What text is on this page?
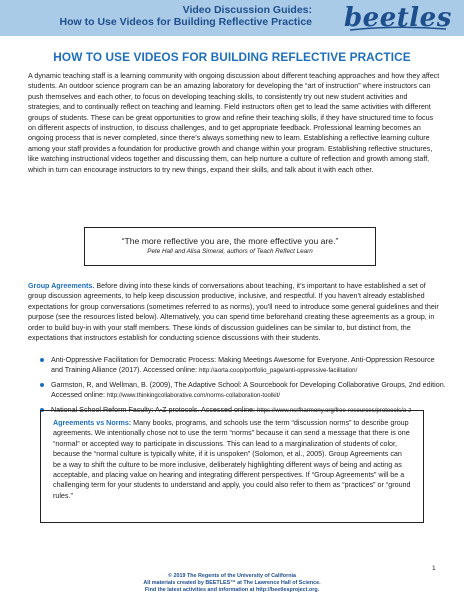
Video Discussion Guides:
How to Use Videos for Building Reflective Practice beetles
HOW TO USE VIDEOS FOR BUILDING REFLECTIVE PRACTICE

A dynamic teaching staff is a learning community with ongoing discussion about different teaching approaches and how they affect students. An outdoor science program can be an amazing laboratory for developing the “art of instruction” where instructors can push themselves and each other, to focus on developing teaching skills, to consistently try out new student activities and strategies, and to continually reflect on teaching and learning. Field instructors often get to lead the same activities with different groups of students. These can be great opportunities to grow and refine their teaching skills, if they have structured time to focus on different aspects of instruction, to discuss challenges, and to get appropriate feedback. Professional learning becomes an ongoing process that is never completed, since there’s always something new to learn. Establishing a reflective learning culture among your staff provides a foundation for productive growth and change within your program. Establishing reflective structures, like watching instructional videos together and discussing them, can help nurture a culture of reflection and growth among staff, which in turn can encourage instructors to try new things, expand their skills, and talk about it with each other.

“The more reflective you are, the more effective you are.”
Pete Hall and Alisa Simeral, authors of Teach Reflect Learn

Group Agreements. Before diving into these kinds of conversations about teaching, it’s important to have established a set of group discussion agreements, to help keep discussion productive, inclusive, and respectful. If you haven’t already established expectations for group conversations (sometimes referred to as norms), you’ll need to introduce some general guidelines and their purpose (see the resources listed below). Alternatively, you can spend time beforehand creating these agreements as a group, in order to build buy-in with your staff members. These kinds of discussion guidelines can be similar to, but distinct from, the expectations that instructors establish for conducting science discussions with their students.

Anti-Oppressive Facilitation for Democratic Process: Making Meetings Awesome for Everyone. Anti-Oppression Resource and Training Alliance (2017). Accessed online: http://aorta.coop/portfolio_page/anti-oppressive-facilitation/
Garmston, R, and Wellman, B. (2009), The Adaptive School: A Sourcebook for Developing Collaborative Groups, 2nd edition. Accessed online: http://www.thinkingcollaborative.com/norms-collaboration-toolkit/
National School Reform Faculty: A-Z protocols. Accessed online: https://www.nsrfharmony.org/free-resources/protocols/a-z

Agreements vs Norms: Many books, programs, and schools use the term “discussion norms” to describe group agreements. We intentionally chose not to use the term “norms” because it can send a message that there is one “normal” or accepted way to participate in discussions. This can lead to a marginalization of students of color, because the “normal culture is typically white, if it is unspoken” (Solomon, et al., 2005). Group Agreements can be a way to shift the culture to be more inclusive, deliberately highlighting different ways of being and acting as acceptable, and placing value on hearing and integrating different perspectives. If “Group Agreements” will be a challenging term for your students to understand and apply, you could also refer to them as “practices” or “ground rules.”

© 2019 The Regents of the University of California
All materials created by BEETLES™ at The Lawrence Hall of Science.
Find the latest activities and information at http://beetlesproject.org.
1
